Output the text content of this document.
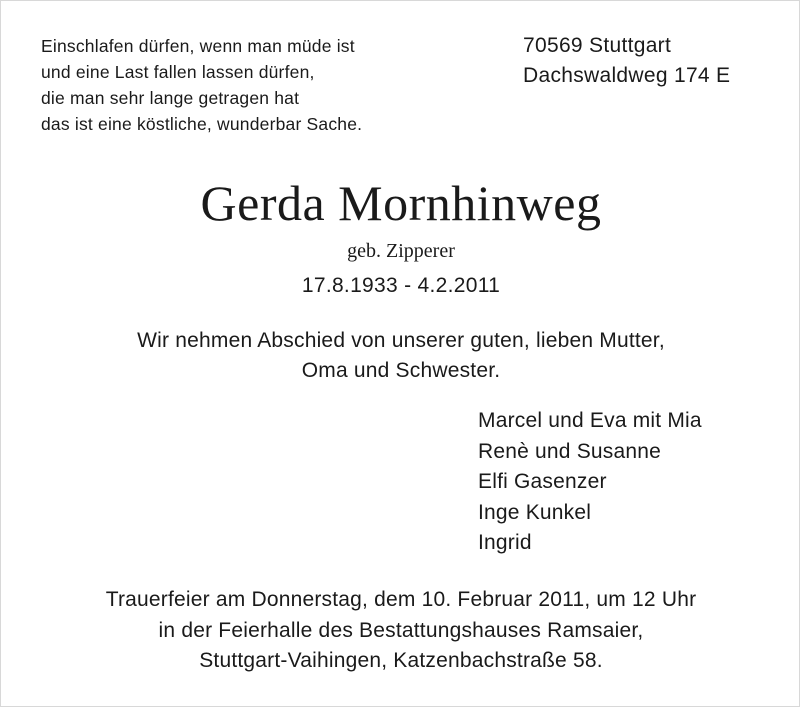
Einschlafen dürfen, wenn man müde ist
und eine Last fallen lassen dürfen,
die man sehr lange getragen hat
das ist eine köstliche, wunderbar Sache.
70569 Stuttgart
Dachswaldweg 174 E
Gerda Mornhinweg
geb. Zipperer
17.8.1933 - 4.2.2011
Wir nehmen Abschied von unserer guten, lieben Mutter,
Oma und Schwester.
Marcel und Eva mit Mia
Renè und Susanne
Elfi Gasenzer
Inge Kunkel
Ingrid
Trauerfeier am Donnerstag, dem 10. Februar 2011, um 12 Uhr
in der Feierhalle des Bestattungshauses Ramsaier,
Stuttgart-Vaihingen, Katzenbachstraße 58.
